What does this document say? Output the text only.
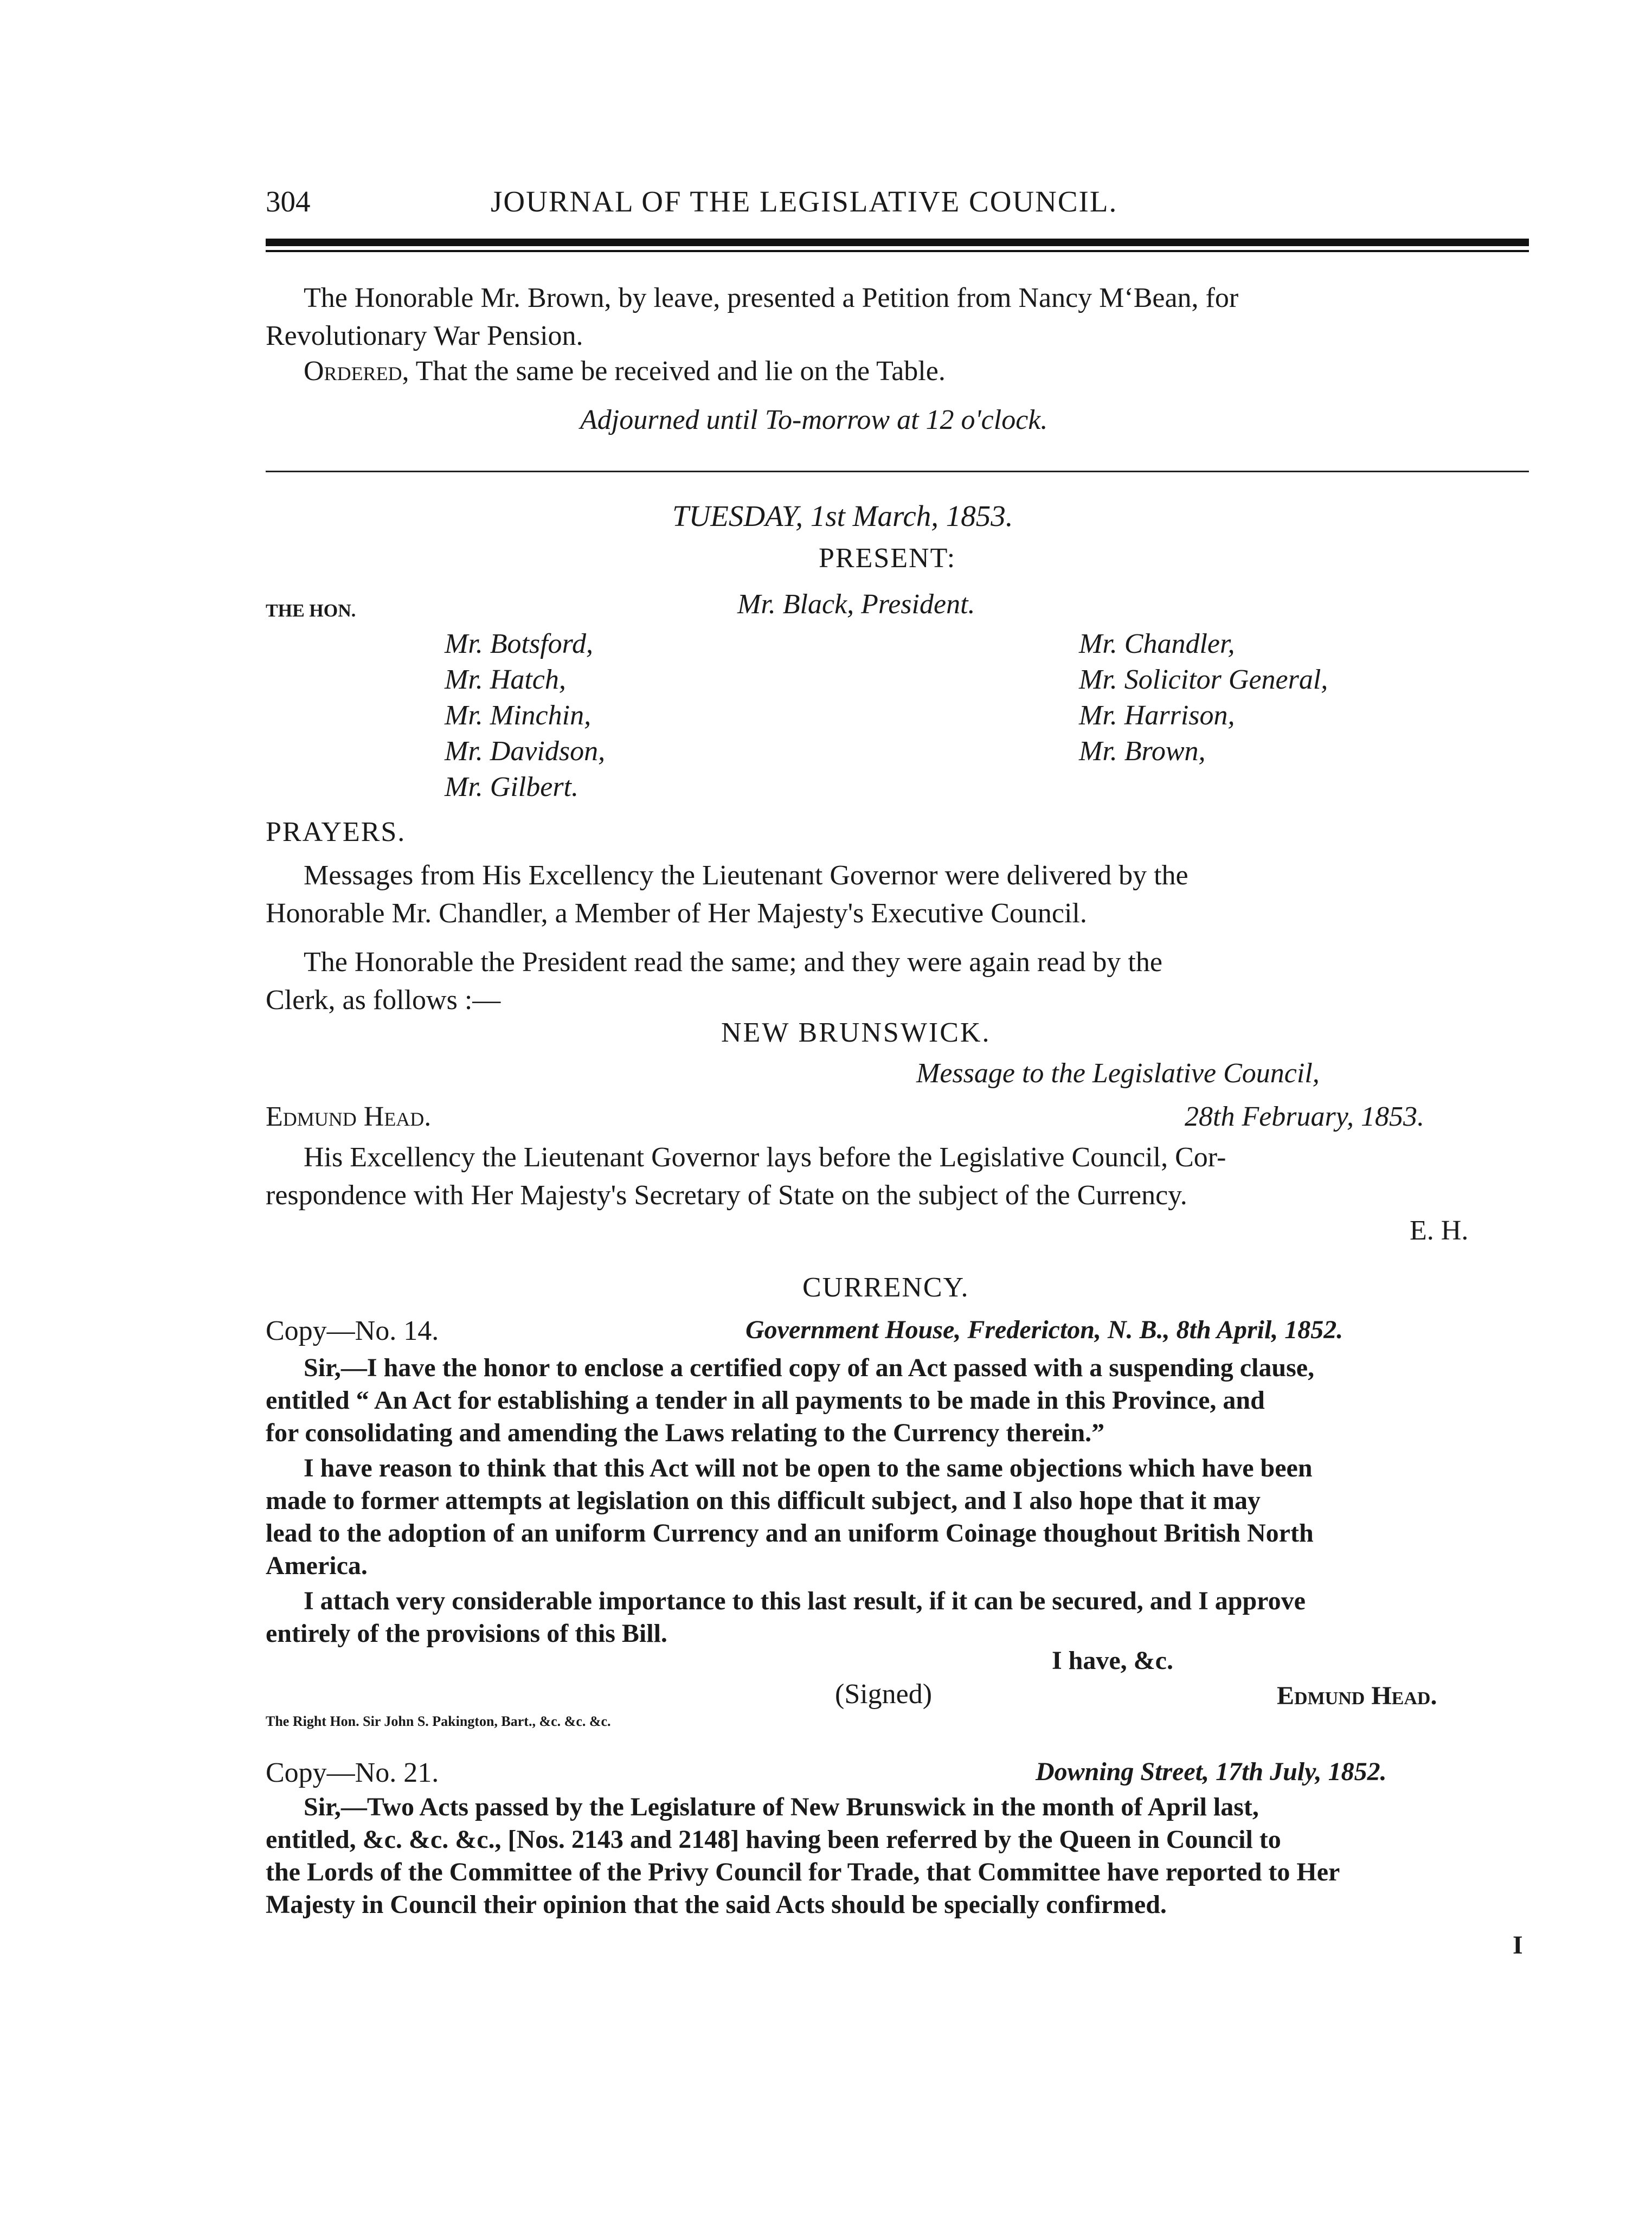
304	JOURNAL OF THE LEGISLATIVE COUNCIL.
The Honorable Mr. Brown, by leave, presented a Petition from Nancy M‘Bean, for
Revolutionary War Pension.
Ordered, That the same be received and lie on the Table.
Adjourned until To-morrow at 12 o'clock.
TUESDAY, 1st March, 1853.
PRESENT:
THE HON.	Mr. Black, President.
Mr. Botsford,
Mr. Hatch,
Mr. Minchin,
Mr. Davidson,
Mr. Gilbert.
Mr. Chandler,
Mr. Solicitor General,
Mr. Harrison,
Mr. Brown,
PRAYERS.
Messages from His Excellency the Lieutenant Governor were delivered by the
Honorable Mr. Chandler, a Member of Her Majesty's Executive Council.
The Honorable the President read the same; and they were again read by the
Clerk, as follows :—
NEW BRUNSWICK.
Message to the Legislative Council,
Edmund Head.	28th February, 1853.
His Excellency the Lieutenant Governor lays before the Legislative Council, Cor-
respondence with Her Majesty's Secretary of State on the subject of the Currency.
E. H.
CURRENCY.
Copy—No. 14.	Government House, Fredericton, N. B., 8th April, 1852.
Sir,—I have the honor to enclose a certified copy of an Act passed with a suspending clause,
entitled “ An Act for establishing a tender in all payments to be made in this Province, and
for consolidating and amending the Laws relating to the Currency therein.”
I have reason to think that this Act will not be open to the same objections which have been
made to former attempts at legislation on this difficult subject, and I also hope that it may
lead to the adoption of an uniform Currency and an uniform Coinage thoughout British North
America.
I attach very considerable importance to this last result, if it can be secured, and I approve
entirely of the provisions of this Bill.
I have, &c.
(Signed)	Edmund Head.
The Right Hon. Sir John S. Pakington, Bart., &c. &c. &c.
Copy—No. 21.	Downing Street, 17th July, 1852.
Sir,—Two Acts passed by the Legislature of New Brunswick in the month of April last,
entitled, &c. &c. &c., [Nos. 2143 and 2148] having been referred by the Queen in Council to
the Lords of the Committee of the Privy Council for Trade, that Committee have reported to Her
Majesty in Council their opinion that the said Acts should be specially confirmed.
I
